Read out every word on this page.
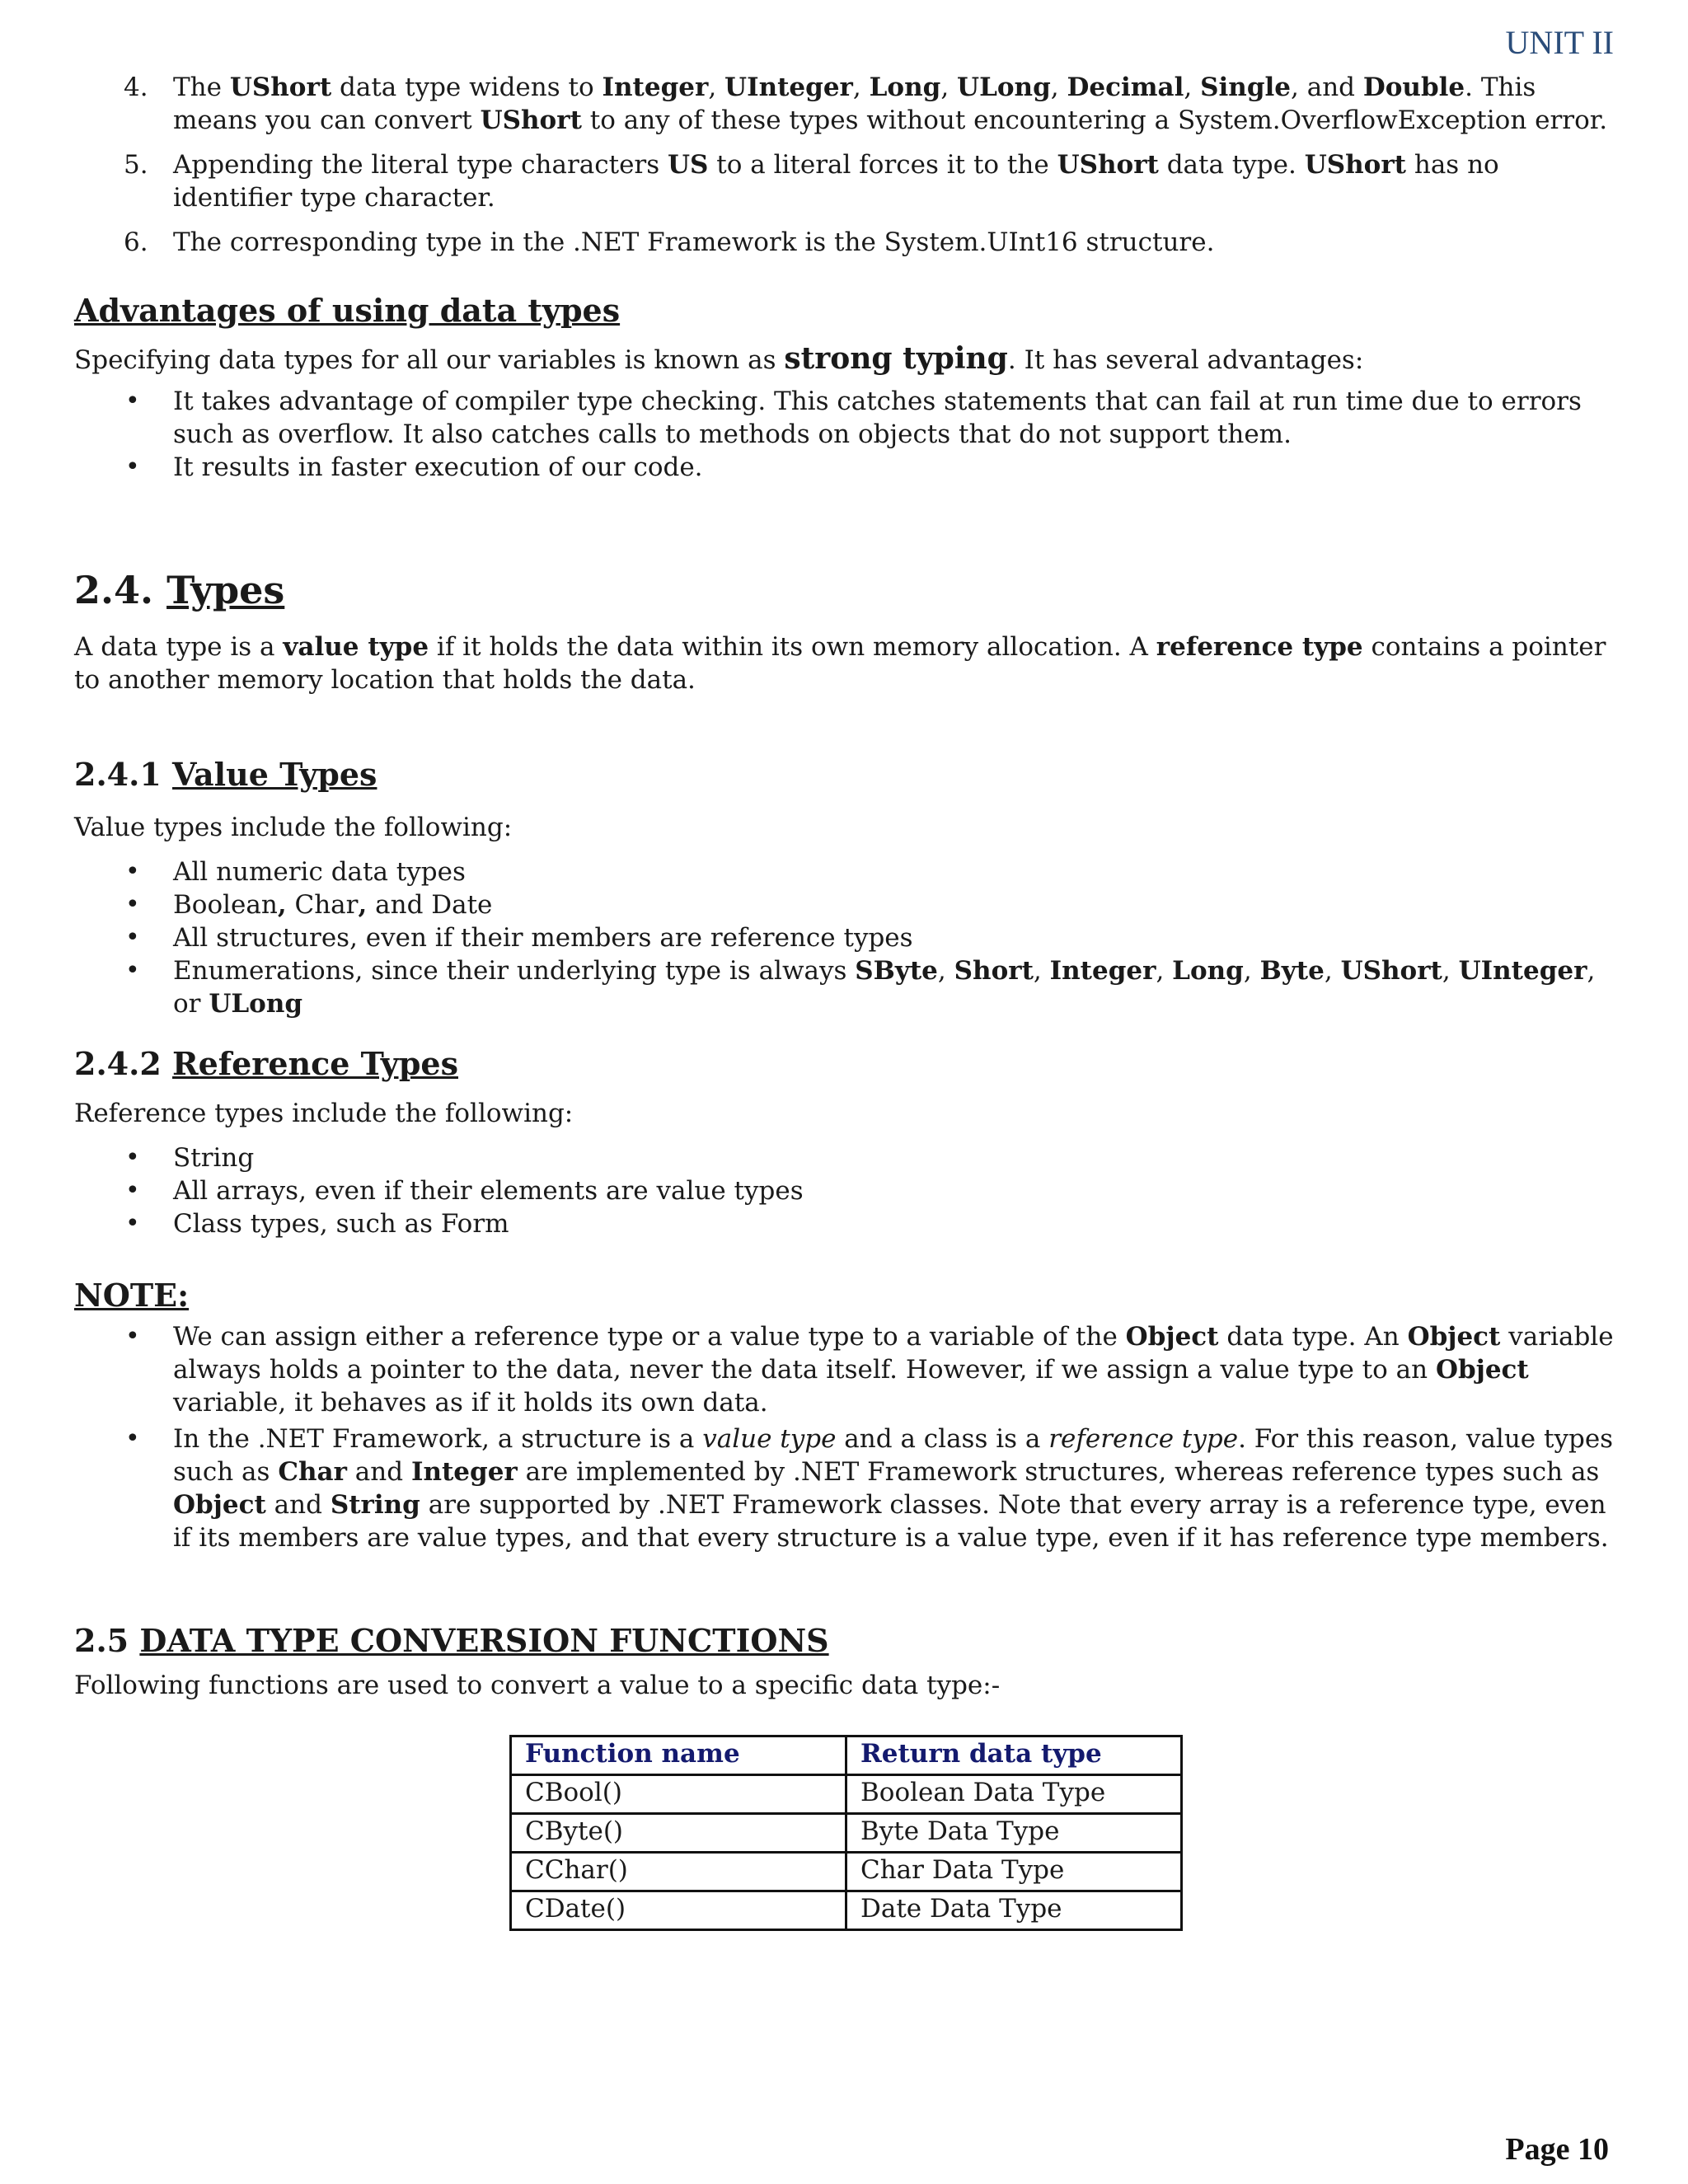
UNIT II
4. The UShort data type widens to Integer, UInteger, Long, ULong, Decimal, Single, and Double. This means you can convert UShort to any of these types without encountering a System.OverflowException error.
5. Appending the literal type characters US to a literal forces it to the UShort data type. UShort has no identifier type character.
6. The corresponding type in the .NET Framework is the System.UInt16 structure.
Advantages of using data types

Specifying data types for all our variables is known as strong typing. It has several advantages:

• It takes advantage of compiler type checking. This catches statements that can fail at run time due to errors such as overflow. It also catches calls to methods on objects that do not support them.
• It results in faster execution of our code.
2.4. Types

A data type is a value type if it holds the data within its own memory allocation. A reference type contains a pointer to another memory location that holds the data.

2.4.1 Value Types

Value types include the following:

• All numeric data types
• Boolean, Char, and Date
• All structures, even if their members are reference types
• Enumerations, since their underlying type is always SByte, Short, Integer, Long, Byte, UShort, UInteger, or ULong
2.4.2 Reference Types

Reference types include the following:

• String
• All arrays, even if their elements are value types
• Class types, such as Form
NOTE:
• We can assign either a reference type or a value type to a variable of the Object data type. An Object variable always holds a pointer to the data, never the data itself. However, if we assign a value type to an Object variable, it behaves as if it holds its own data.
• In the .NET Framework, a structure is a value type and a class is a reference type. For this reason, value types such as Char and Integer are implemented by .NET Framework structures, whereas reference types such as Object and String are supported by .NET Framework classes. Note that every array is a reference type, even if its members are value types, and that every structure is a value type, even if it has reference type members.
2.5 DATA TYPE CONVERSION FUNCTIONS

Following functions are used to convert a value to a specific data type:-

Function name	Return data type
CBool()	Boolean Data Type
CByte()	Byte Data Type
CChar()	Char Data Type
CDate()	Date Data Type
Page 10
